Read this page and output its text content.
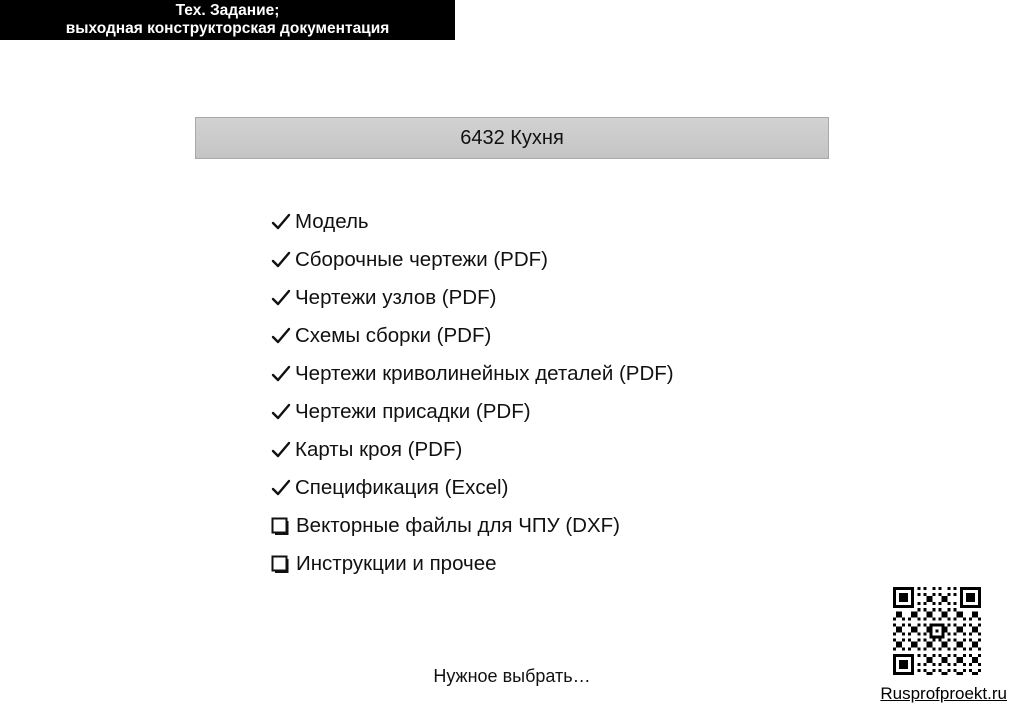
Тех. Задание;
выходная конструкторская документация
6432 Кухня
Модель
Сборочные чертежи (PDF)
Чертежи узлов (PDF)
Схемы сборки (PDF)
Чертежи криволинейных деталей (PDF)
Чертежи присадки (PDF)
Карты кроя (PDF)
Спецификация (Excel)
Векторные файлы для ЧПУ (DXF)
Инструкции и прочее
Нужное выбрать…
Rusprofproekt.ru
